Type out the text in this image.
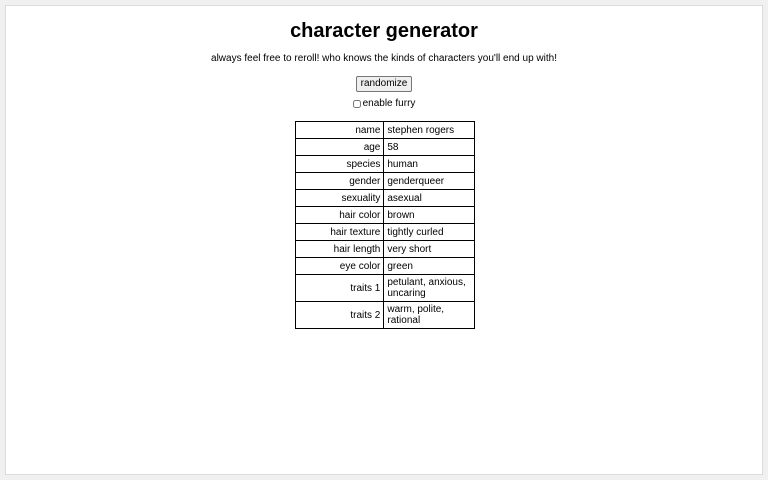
character generator
always feel free to reroll! who knows the kinds of characters you'll end up with!
randomize
enable furry
name	stephen rogers
age	58
species	human
gender	genderqueer
sexuality	asexual
hair color	brown
hair texture	tightly curled
hair length	very short
eye color	green
traits 1	petulant, anxious, uncaring
traits 2	warm, polite, rational
